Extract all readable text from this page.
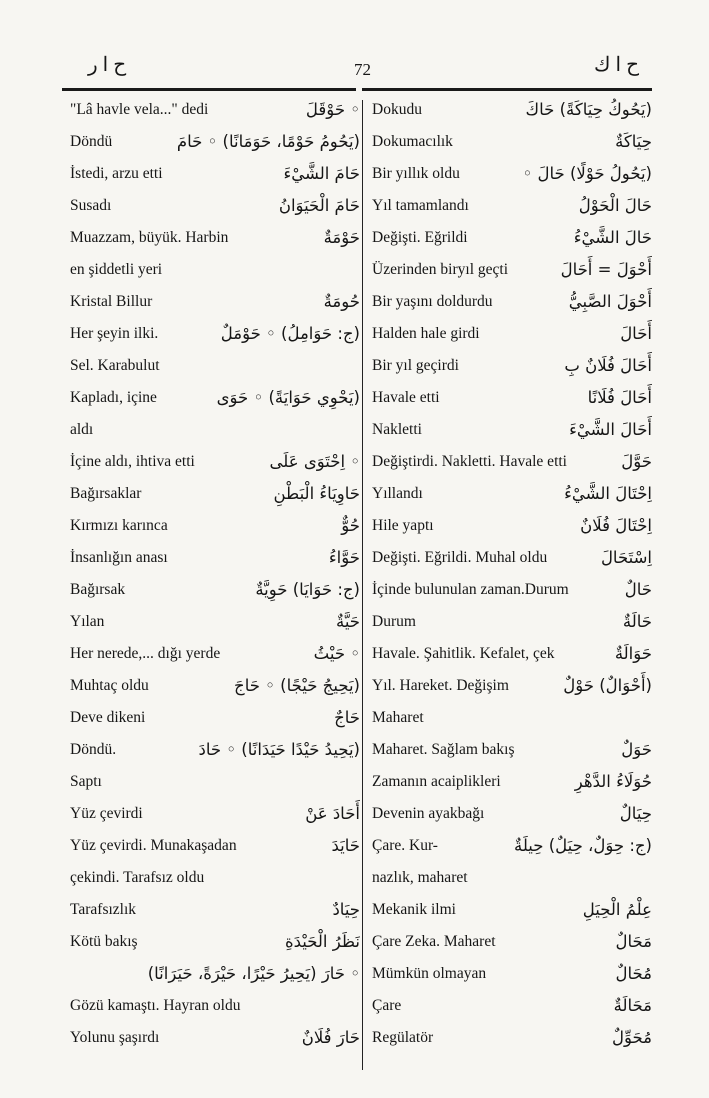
ح ا ر	72	ح ا ك
"Lâ havle vela..." dedi	◦ حَوْقَلَ
Döndü	(يَحُومُ حَوْمًا، حَوَمَانًا) ◦ حَامَ
İstedi, arzu etti	حَامَ الشَّيْءَ
Susadı	حَامَ الْحَيَوَانُ
Muazzam, büyük. Harbin	حَوْمَةٌ
en şiddetli yeri
Kristal Billur	حُومَةٌ
Her şeyin ilki.	(ج: حَوَامِلُ) ◦ حَوْمَلٌ
Sel. Karabulut
Kapladı, içine	(يَحْوِي حَوَايَةً) ◦ حَوَى
aldı
İçine aldı, ihtiva etti	◦ اِحْتَوَى عَلَى
Bağırsaklar	حَاوِيَاءُ الْبَطْنِ
Kırmızı karınca	حُوٌّ
İnsanlığın anası	حَوَّاءُ
Bağırsak	(ج: حَوَايَا) حَوِيَّةٌ
Yılan	حَيَّةٌ
Her nerede,... dığı yerde	◦ حَيْثُ
Muhtaç oldu	(يَحِيجُ حَيْجًا) ◦ حَاجَ
Deve dikeni	حَاجٌ
Döndü.	(يَحِيدُ حَيْدًا حَيَدَانًا) ◦ حَادَ
Saptı
Yüz çevirdi	أَحَادَ عَنْ
Yüz çevirdi. Munakaşadan	حَايَدَ
çekindi. Tarafsız oldu
Tarafsızlık	حِيَادٌ
Kötü bakış	نَظَرُ الْحَيْدَةِ
◦ حَارَ (يَحِيرُ حَيْرًا، حَيْرَةً، حَيَرَانًا)
Gözü kamaştı. Hayran oldu
Yolunu şaşırdı	حَارَ فُلَانٌ
Dokudu	(يَحُوكُ حِيَاكَةً) حَاكَ
Dokumacılık	حِيَاكَةٌ
Bir yıllık oldu	(يَحُولُ حَوْلًا) حَالَ ◦
Yıl tamamlandı	حَالَ الْحَوْلُ
Değişti. Eğrildi	حَالَ الشَّيْءُ
Üzerinden biryıl geçti	أَحْوَلَ = أَحَالَ
Bir yaşını doldurdu	أَحْوَلَ الصَّبِيُّ
Halden hale girdi	أَحَالَ
Bir yıl geçirdi	أَحَالَ فُلَانٌ بِ
Havale etti	أَحَالَ فُلَانًا
Nakletti	أَحَالَ الشَّيْءَ
Değiştirdi. Nakletti. Havale etti	حَوَّلَ
Yıllandı	اِحْتَالَ الشَّيْءُ
Hile yaptı	اِحْتَالَ فُلَانٌ
Değişti. Eğrildi. Muhal oldu	اِسْتَحَالَ
İçinde bulunulan zaman.Durum	حَالٌ
Durum	حَالَةٌ
Havale. Şahitlik. Kefalet, çek	حَوَالَةٌ
Yıl. Hareket. Değişim	(أَحْوَالٌ) حَوْلٌ
Maharet
Maharet. Sağlam bakış	حَوَلٌ
Zamanın acaiplikleri	حُوَلَاءُ الدَّهْرِ
Devenin ayakbağı	حِيَالٌ
Çare. Kur-	(ج: حِوَلٌ، حِيَلٌ) حِيلَةٌ
nazlık, maharet
Mekanik ilmi	عِلْمُ الْحِيَلِ
Çare Zeka. Maharet	مَحَالٌ
Mümkün olmayan	مُحَالٌ
Çare	مَحَالَةٌ
Regülatör	مُحَوِّلٌ
